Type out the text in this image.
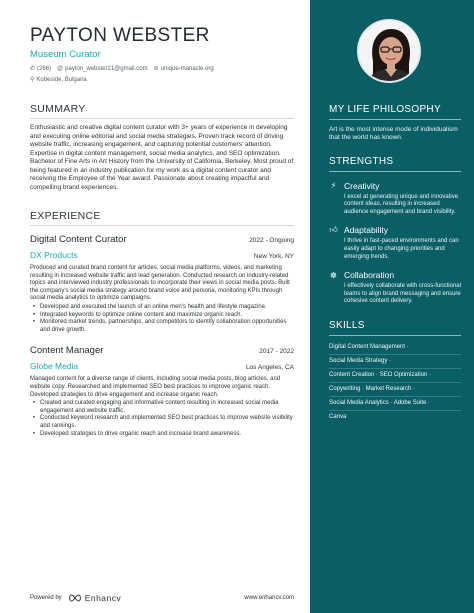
PAYTON WEBSTER
Museum Curator
✆ (266) @ payton_webster21@gmail.com ⊘ unique-manacle.org
⚲ Kobeside, Bulgaria
SUMMARY
Enthusiastic and creative digital content curator with 3+ years of experience in developing and executing online editorial and social media strategies. Proven track record of driving website traffic, increasing engagement, and capturing potential customers' attention. Expertise in digital content management, social media analytics, and SEO optimization. Bachelor of Fine Arts in Art History from the University of California, Berkeley. Most proud of being featured in an industry publication for my work as a digital content curator and receiving the Employee of the Year award. Passionate about creating impactful and compelling brand experiences.
EXPERIENCE
Digital Content Curator	2022 - Ongoing
DX Products	New York, NY
Produced and curated brand content for articles, social media platforms, videos, and marketing resulting in increased website traffic and lead generation. Conducted research on industry-related topics and interviewed industry professionals to incorporate their views in social media posts. Built the company's social media strategy around brand voice and persona, monitoring KPIs through social media analytics to optimize campaigns.
• Developed and executed the launch of an online men's health and lifestyle magazine.
• Integrated keywords to optimize online content and maximize organic reach.
• Monitored market trends, partnerships, and competitors to identify collaboration opportunities and drive growth.
Content Manager	2017 - 2022
Globe Media	Los Angeles, CA
Managed content for a diverse range of clients, including social media posts, blog articles, and website copy. Researched and implemented SEO best practices to improve organic reach. Developed strategies to drive engagement and increase organic reach.
• Created and curated engaging and informative content resulting in increased social media engagement and website traffic.
• Conducted keyword research and implemented SEO best practices to improve website visibility and rankings.
• Developed strategies to drive organic reach and increase brand awareness.
MY LIFE PHILOSOPHY
Art is the most intense mode of individualism that the world has known.
STRENGTHS
⚡ Creativity
I excel at generating unique and innovative content ideas, resulting in increased audience engagement and brand visibility.
👍︎ Adaptability
I thrive in fast-paced environments and can easily adapt to changing priorities and emerging trends.
☸ Collaboration
I effectively collaborate with cross-functional teams to align brand messaging and ensure cohesive content delivery.
SKILLS
Digital Content Management ·
Social Media Strategy ·
Content Creation · SEO Optimization ·
Copywriting · Market Research ·
Social Media Analytics · Adobe Suite ·
Canva
Powered by	Enhancv	www.enhancv.com
